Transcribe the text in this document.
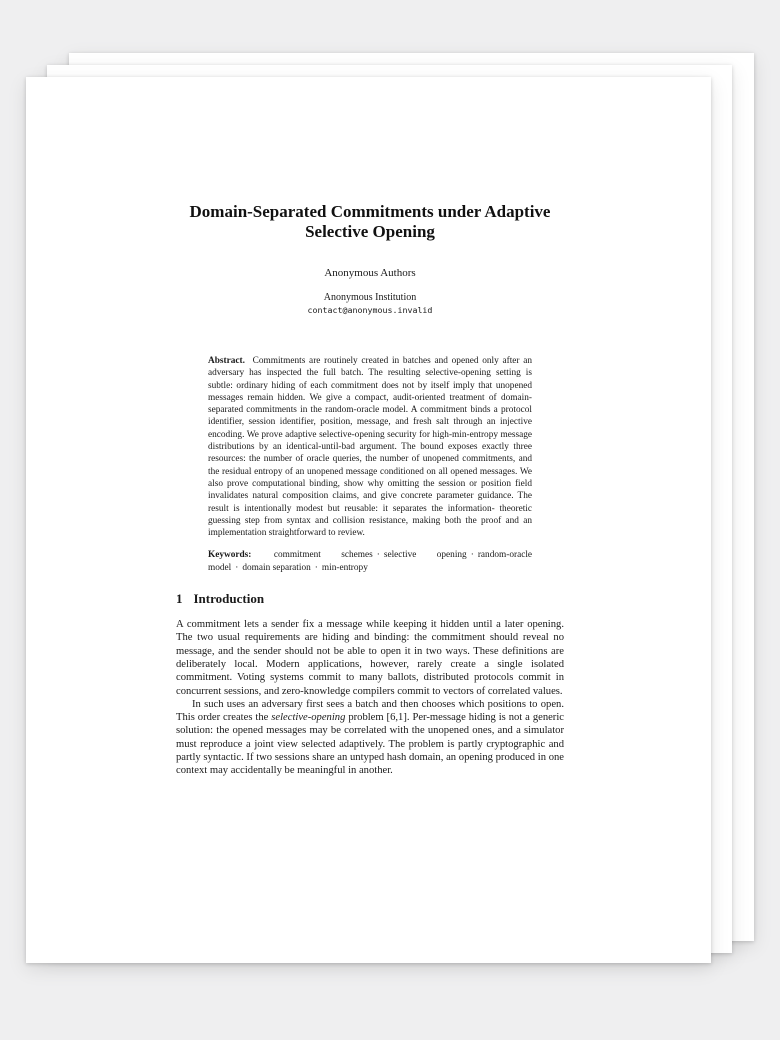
Domain-Separated Commitments under Adaptive Selective Opening
Anonymous Authors
Anonymous Institution
contact@anonymous.invalid
Abstract. Commitments are routinely created in batches and opened only after an adversary has inspected the full batch. The resulting selective-opening setting is subtle: ordinary hiding of each commitment does not by itself imply that unopened messages remain hidden. We give a compact, audit-oriented treatment of domain-separated commitments in the random-oracle model. A commitment binds a protocol identifier, session identifier, position, message, and fresh salt through an injective encoding. We prove adaptive selective-opening security for high-min-entropy message distributions by an identical-until-bad argument. The bound exposes exactly three resources: the number of oracle queries, the number of unopened commitments, and the residual entropy of an unopened message conditioned on all opened messages. We also prove computational binding, show why omitting the session or position field invalidates natural composition claims, and give concrete parameter guidance. The result is intentionally modest but reusable: it separates the information- theoretic guessing step from syntax and collision resistance, making both the proof and an implementation straightforward to review.
Keywords: commitment schemes · selective opening · random-oracle model · domain separation · min-entropy
1 Introduction

A commitment lets a sender fix a message while keeping it hidden until a later opening. The two usual requirements are hiding and binding: the commitment should reveal no message, and the sender should not be able to open it in two ways. These definitions are deliberately local. Modern applications, however, rarely create a single isolated commitment. Voting systems commit to many ballots, distributed protocols commit in concurrent sessions, and zero-knowledge compilers commit to vectors of correlated values.

In such uses an adversary first sees a batch and then chooses which positions to open. This order creates the selective-opening problem [6,1]. Per-message hiding is not a generic solution: the opened messages may be correlated with the unopened ones, and a simulator must reproduce a joint view selected adaptively. The problem is partly cryptographic and partly syntactic. If two sessions share an untyped hash domain, an opening produced in one context may accidentally be meaningful in another.
